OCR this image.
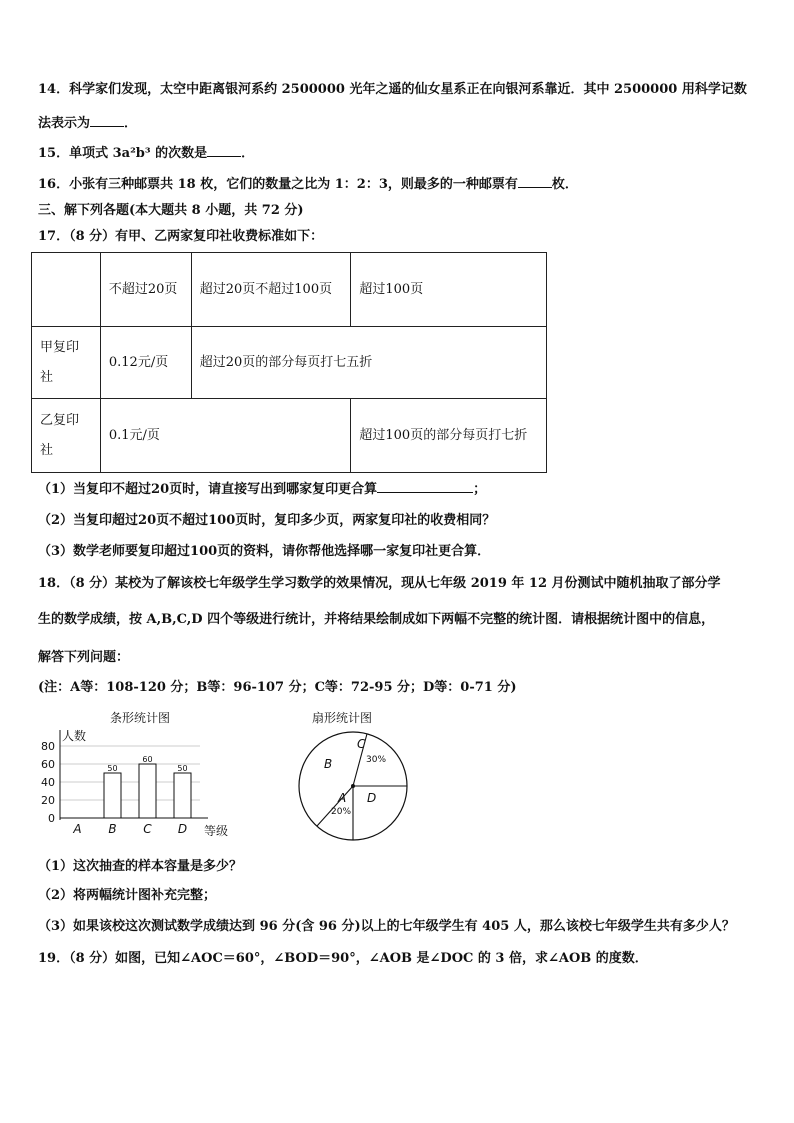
14．科学家们发现，太空中距离银河系约 2500000 光年之遥的仙女星系正在向银河系靠近．其中 2500000 用科学记数
法表示为	．
15．单项式 3a²b³ 的次数是	．
16．小张有三种邮票共 18 枚，它们的数量之比为 1：2：3，则最多的一种邮票有	枚．
三、解下列各题(本大题共 8 小题，共 72 分)
17．（8 分）有甲、乙两家复印社收费标准如下：
	不超过20页	超过20页不超过100页	超过100页
甲复印社	0.12元/页	超过20页的部分每页打七五折	
乙复印社	0.1元/页		超过100页的部分每页打七折
（1）当复印不超过20页时，请直接写出到哪家复印更合算	；
（2）当复印超过20页不超过100页时，复印多少页，两家复印社的收费相同？
（3）数学老师要复印超过100页的资料，请你帮他选择哪一家复印社更合算．
18．（8 分）某校为了解该校七年级学生学习数学的效果情况，现从七年级 2019 年 12 月份测试中随机抽取了部分学
生的数学成绩，按 A,B,C,D 四个等级进行统计，并将结果绘制成如下两幅不完整的统计图．请根据统计图中的信息，
解答下列问题：
(注：A等：108-120 分；B等：96-107 分；C等：72-95 分；D等：0-71 分)
条形统计图
人数
0
20
40
60
80
A B C D
50
60
50
等级
扇形统计图
C
30%
D
A
20%
B
（1）这次抽查的样本容量是多少？
（2）将两幅统计图补充完整；
（3）如果该校这次测试数学成绩达到 96 分(含 96 分)以上的七年级学生有 405 人，那么该校七年级学生共有多少人？
19．（8 分）如图，已知∠AOC＝60°，∠BOD＝90°，∠AOB 是∠DOC 的 3 倍，求∠AOB 的度数．
